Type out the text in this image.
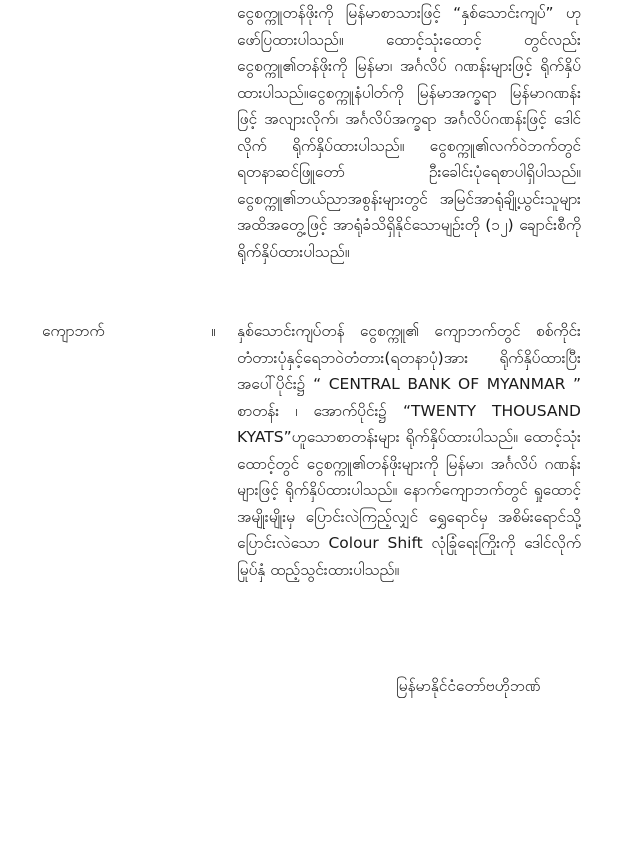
ငွေစက္ကူတန်ဖိုးကို မြန်မာစာသားဖြင့် “နှစ်သောင်းကျပ်” ဟု ဖော်ပြထားပါသည်။ ထောင့်သုံးထောင့် တွင်လည်းငွေစက္ကူ၏တန်ဖိုးကို မြန်မာ၊ အင်္ဂလိပ် ဂဏန်းများဖြင့် ရိုက်နှိပ်ထားပါသည်။ငွေစက္ကူနံပါတ်ကို မြန်မာအက္ခရာ မြန်မာဂဏန်းဖြင့် အလျားလိုက်၊ အင်္ဂလိပ်အက္ခရာ အင်္ဂလိပ်ဂဏန်းဖြင့် ဒေါင်လိုက် ရိုက်နှိပ်ထားပါသည်။ ငွေစက္ကူ၏လက်ဝဲဘက်တွင် ရတနာဆင်ဖြူတော် ဦးခေါင်းပုံရေစာပါရှိပါသည်။ ငွေစက္ကူ၏ဘယ်ညာအစွန်းများတွင် အမြင်အာရုံချို့ယွင်းသူများ အထိအတွေ့ဖြင့် အာရုံခံသိရှိနိုင်သောမျဉ်းတို (၁၂) ချောင်းစီကို ရိုက်နှိပ်ထားပါသည်။

ကျောဘက်	။ နှစ်သောင်းကျပ်တန် ငွေစက္ကူ၏ ကျောဘက်တွင် စစ်ကိုင်းတံတားပုံနှင့်ရေဘဝဲတံတား(ရတနာပုံ)အား ရိုက်နှိပ်ထားပြီး အပေါ်ပိုင်း၌ “ CENTRAL BANK OF MYANMAR ” စာတန်း ၊ အောက်ပိုင်း၌ “TWENTY THOUSAND KYATS”ဟူသောစာတန်းများ ရိုက်နှိပ်ထားပါသည်။ ထောင့်သုံးထောင့်တွင် ငွေစက္ကူ၏တန်ဖိုးများကို မြန်မာ၊ အင်္ဂလိပ် ဂဏန်းများဖြင့် ရိုက်နှိပ်ထားပါသည်။ နောက်ကျောဘက်တွင် ရှုထောင့်အမျိုးမျိုးမှ ပြောင်းလဲကြည့်လျှင် ရွှေရောင်မှ အစိမ်းရောင်သို့ ပြောင်းလဲသော Colour Shift လုံခြုံရေးကြိုးကို ဒေါင်လိုက် မြုပ်နှံ ထည့်သွင်းထားပါသည်။

မြန်မာနိုင်ငံတော်ဗဟိုဘဏ်
